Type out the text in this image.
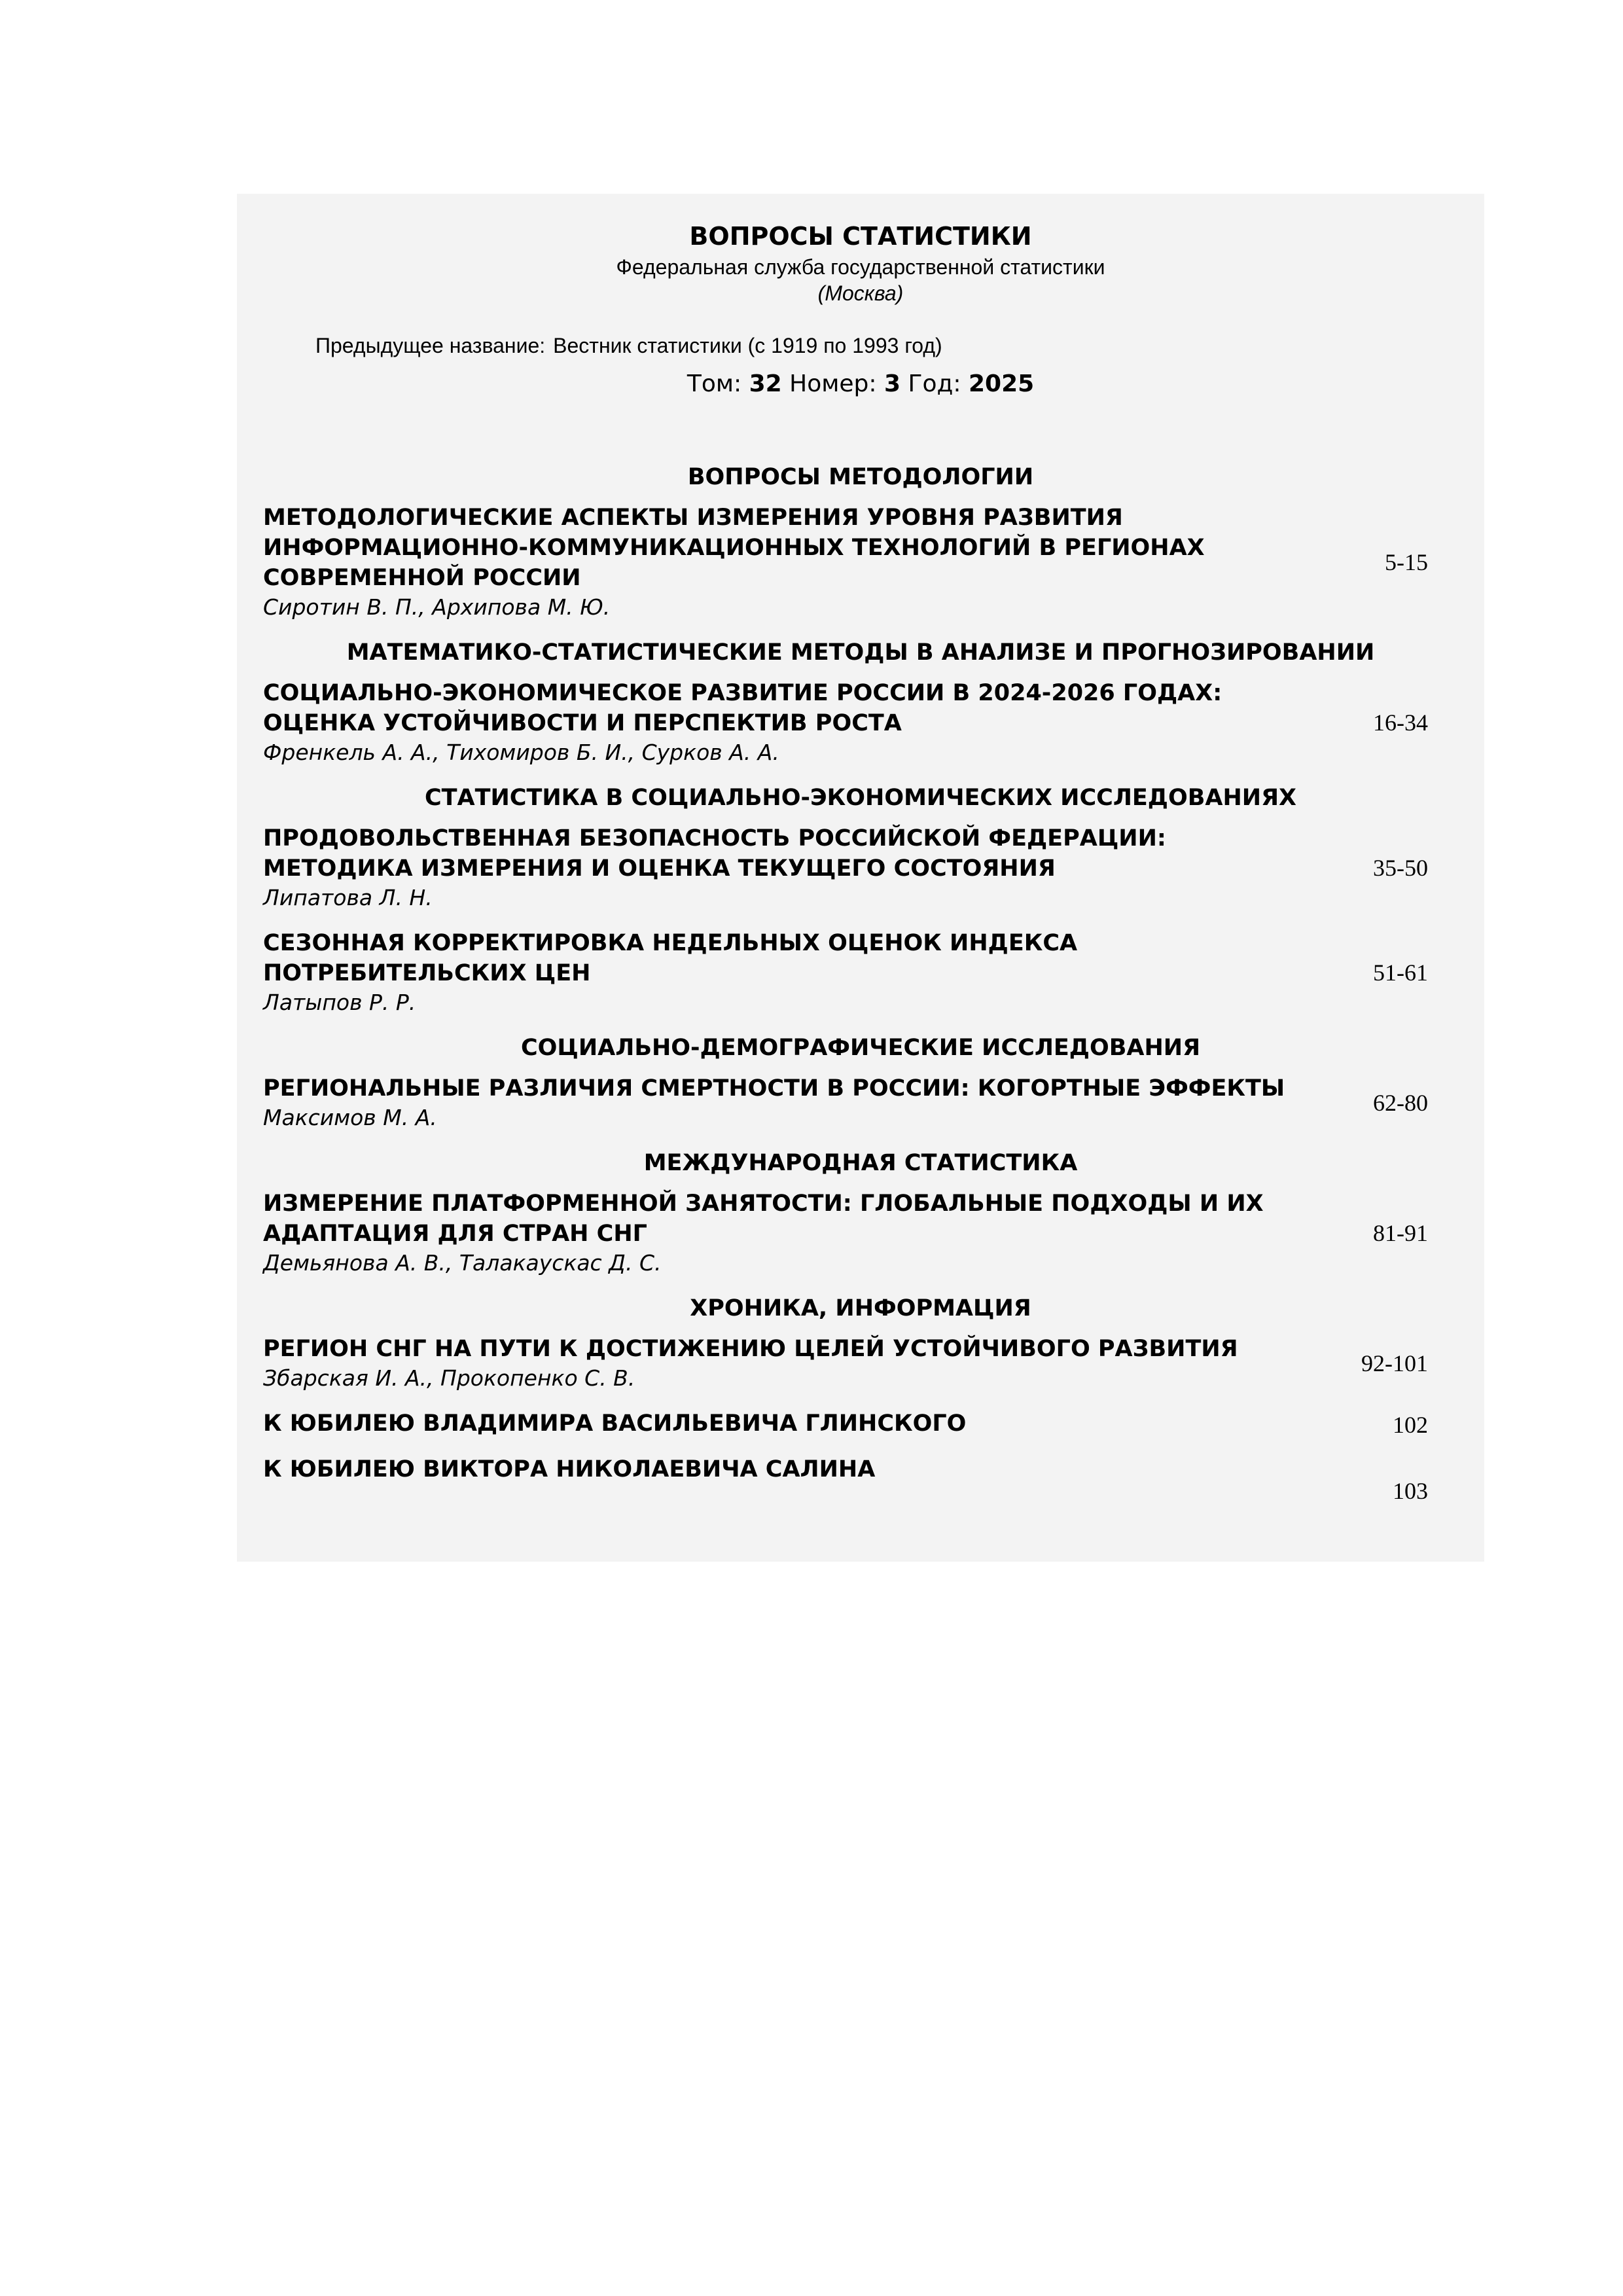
ВОПРОСЫ СТАТИСТИКИ
Федеральная служба государственной статистики
(Москва)
Предыдущее название: Вестник статистики (с 1919 по 1993 год)
Том: 32 Номер: 3 Год: 2025
ВОПРОСЫ МЕТОДОЛОГИИ
МЕТОДОЛОГИЧЕСКИЕ АСПЕКТЫ ИЗМЕРЕНИЯ УРОВНЯ РАЗВИТИЯ ИНФОРМАЦИОННО-КОММУНИКАЦИОННЫХ ТЕХНОЛОГИЙ В РЕГИОНАХ СОВРЕМЕННОЙ РОССИИ
Сиротин В. П., Архипова М. Ю.
5-15
МАТЕМАТИКО-СТАТИСТИЧЕСКИЕ МЕТОДЫ В АНАЛИЗЕ И ПРОГНОЗИРОВАНИИ
СОЦИАЛЬНО-ЭКОНОМИЧЕСКОЕ РАЗВИТИЕ РОССИИ В 2024-2026 ГОДАХ: ОЦЕНКА УСТОЙЧИВОСТИ И ПЕРСПЕКТИВ РОСТА
Френкель А. А., Тихомиров Б. И., Сурков А. А.
16-34
СТАТИСТИКА В СОЦИАЛЬНО-ЭКОНОМИЧЕСКИХ ИССЛЕДОВАНИЯХ
ПРОДОВОЛЬСТВЕННАЯ БЕЗОПАСНОСТЬ РОССИЙСКОЙ ФЕДЕРАЦИИ: МЕТОДИКА ИЗМЕРЕНИЯ И ОЦЕНКА ТЕКУЩЕГО СОСТОЯНИЯ
Липатова Л. Н.
35-50
СЕЗОННАЯ КОРРЕКТИРОВКА НЕДЕЛЬНЫХ ОЦЕНОК ИНДЕКСА ПОТРЕБИТЕЛЬСКИХ ЦЕН
Латыпов Р. Р.
51-61
СОЦИАЛЬНО-ДЕМОГРАФИЧЕСКИЕ ИССЛЕДОВАНИЯ
РЕГИОНАЛЬНЫЕ РАЗЛИЧИЯ СМЕРТНОСТИ В РОССИИ: КОГОРТНЫЕ ЭФФЕКТЫ
Максимов М. А.
62-80
МЕЖДУНАРОДНАЯ СТАТИСТИКА
ИЗМЕРЕНИЕ ПЛАТФОРМЕННОЙ ЗАНЯТОСТИ: ГЛОБАЛЬНЫЕ ПОДХОДЫ И ИХ АДАПТАЦИЯ ДЛЯ СТРАН СНГ
Демьянова А. В., Талакаускас Д. С.
81-91
ХРОНИКА, ИНФОРМАЦИЯ
РЕГИОН СНГ НА ПУТИ К ДОСТИЖЕНИЮ ЦЕЛЕЙ УСТОЙЧИВОГО РАЗВИТИЯ
Збарская И. А., Прокопенко С. В.
92-101
К ЮБИЛЕЮ ВЛАДИМИРА ВАСИЛЬЕВИЧА ГЛИНСКОГО	102
К ЮБИЛЕЮ ВИКТОРА НИКОЛАЕВИЧА САЛИНА
103
